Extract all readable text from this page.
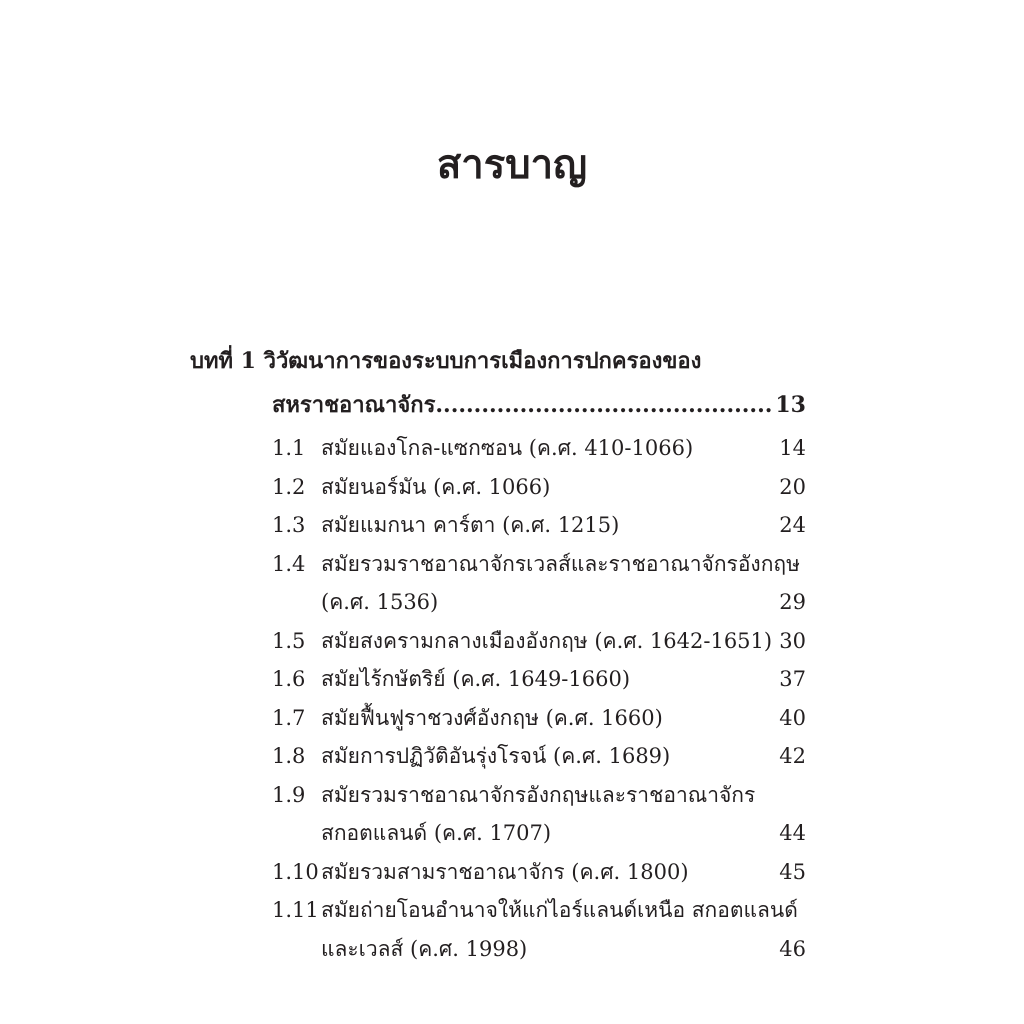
สารบาญ
บทที่ 1 วิวัฒนาการของระบบการเมืองการปกครองของ
สหราชอาณาจักร............................................ 13
1.1 สมัยแองโกล-แซกซอน (ค.ศ. 410-1066)	14
1.2 สมัยนอร์มัน (ค.ศ. 1066)	20
1.3 สมัยแมกนา คาร์ตา (ค.ศ. 1215)	24
1.4 สมัยรวมราชอาณาจักรเวลส์และราชอาณาจักรอังกฤษ
(ค.ศ. 1536)	29
1.5 สมัยสงครามกลางเมืองอังกฤษ (ค.ศ. 1642-1651) 30
1.6 สมัยไร้กษัตริย์ (ค.ศ. 1649-1660)	37
1.7 สมัยฟื้นฟูราชวงศ์อังกฤษ (ค.ศ. 1660)	40
1.8 สมัยการปฏิวัติอันรุ่งโรจน์ (ค.ศ. 1689)	42
1.9 สมัยรวมราชอาณาจักรอังกฤษและราชอาณาจักร
สกอตแลนด์ (ค.ศ. 1707)	44
1.10 สมัยรวมสามราชอาณาจักร (ค.ศ. 1800)	45
1.11 สมัยถ่ายโอนอำนาจให้แก่ไอร์แลนด์เหนือ สกอตแลนด์
และเวลส์ (ค.ศ. 1998)	46
